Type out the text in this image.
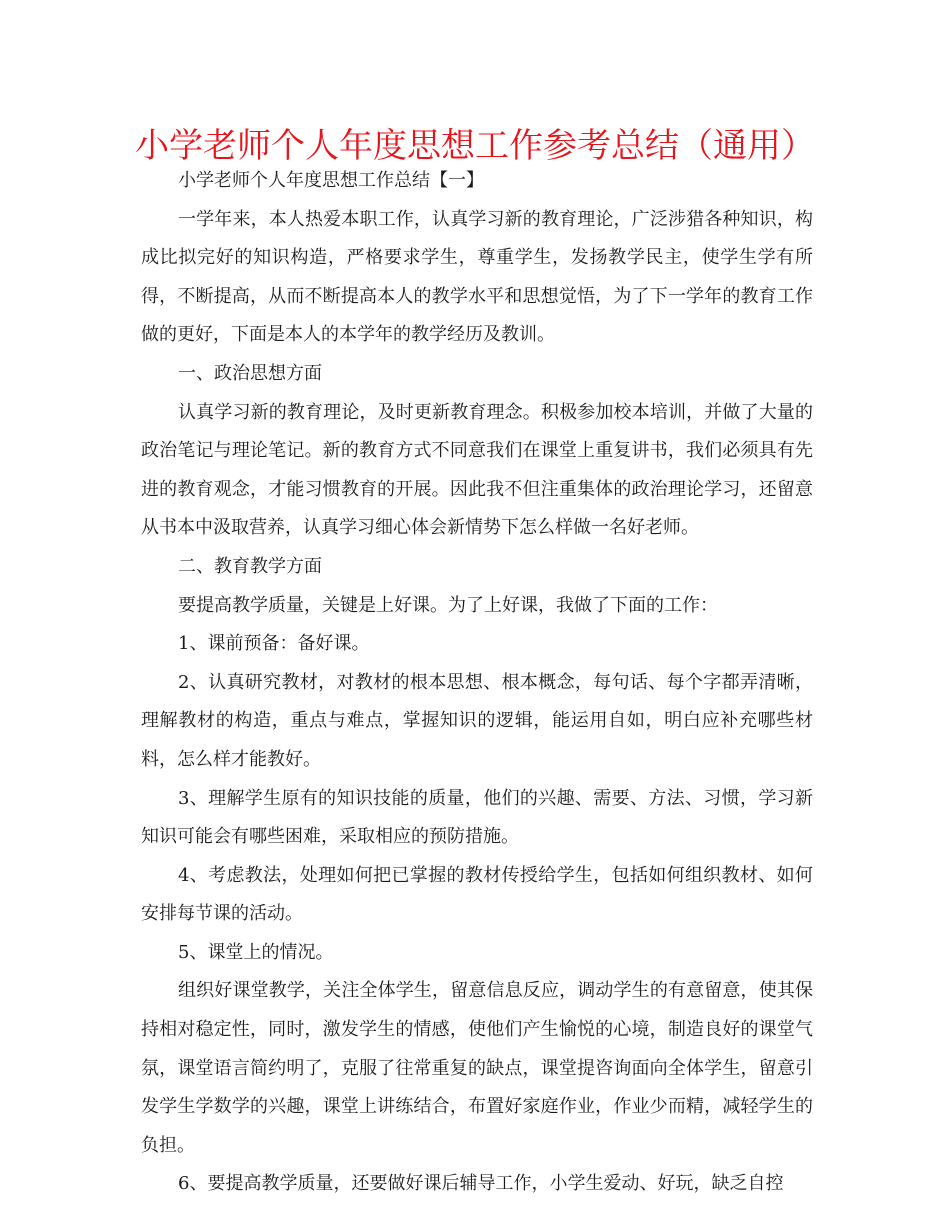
小学老师个人年度思想工作参考总结（通用）

小学老师个人年度思想工作总结【一】

一学年来，本人热爱本职工作，认真学习新的教育理论，广泛涉猎各种知识，构成比拟完好的知识构造，严格要求学生，尊重学生，发扬教学民主，使学生学有所得，不断提高，从而不断提高本人的教学水平和思想觉悟，为了下一学年的教育工作做的更好，下面是本人的本学年的教学经历及教训。

一、政治思想方面

认真学习新的教育理论，及时更新教育理念。积极参加校本培训，并做了大量的政治笔记与理论笔记。新的教育方式不同意我们在课堂上重复讲书，我们必须具有先进的教育观念，才能习惯教育的开展。因此我不但注重集体的政治理论学习，还留意从书本中汲取营养，认真学习细心体会新情势下怎么样做一名好老师。

二、教育教学方面

要提高教学质量，关键是上好课。为了上好课，我做了下面的工作：

1、课前预备：备好课。

2、认真研究教材，对教材的根本思想、根本概念，每句话、每个字都弄清晰，理解教材的构造，重点与难点，掌握知识的逻辑，能运用自如，明白应补充哪些材料，怎么样才能教好。

3、理解学生原有的知识技能的质量，他们的兴趣、需要、方法、习惯，学习新知识可能会有哪些困难，采取相应的预防措施。

4、考虑教法，处理如何把已掌握的教材传授给学生，包括如何组织教材、如何安排每节课的活动。

5、课堂上的情况。

组织好课堂教学，关注全体学生，留意信息反应，调动学生的有意留意，使其保持相对稳定性，同时，激发学生的情感，使他们产生愉悦的心境，制造良好的课堂气氛，课堂语言简约明了，克服了往常重复的缺点，课堂提咨询面向全体学生，留意引发学生学数学的兴趣，课堂上讲练结合，布置好家庭作业，作业少而精，减轻学生的负担。

6、要提高教学质量，还要做好课后辅导工作，小学生爱动、好玩，缺乏自控
